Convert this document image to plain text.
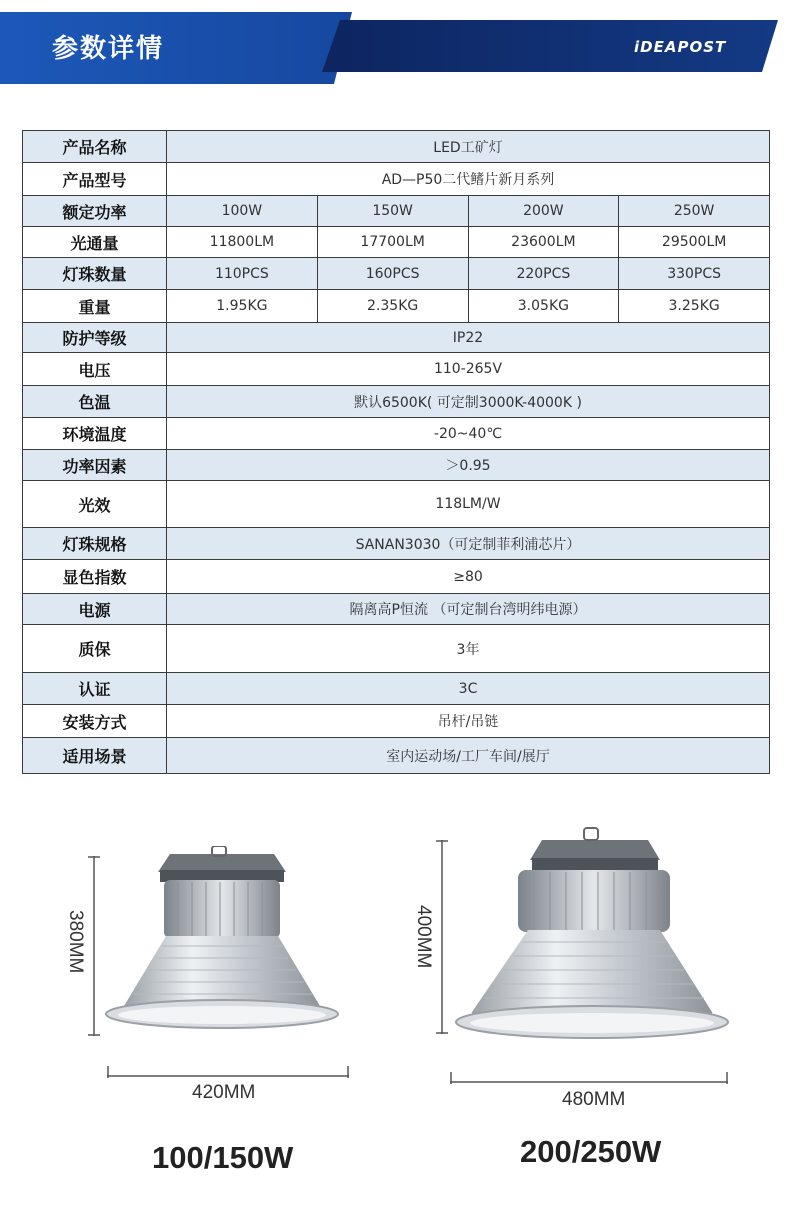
参数详情	iDEAPOST
产品名称	LED工矿灯			
产品型号	AD—P50二代鳍片新月系列			
额定功率	100W	150W	200W	250W
光通量	11800LM	17700LM	23600LM	29500LM
灯珠数量	110PCS	160PCS	220PCS	330PCS
重量	1.95KG	2.35KG	3.05KG	3.25KG
防护等级	IP22			
电压	110-265V			
色温	默认6500K( 可定制3000K-4000K )			
环境温度	-20~40℃			
功率因素	＞0.95			
光效	118LM/W			
灯珠规格	SANAN3030（可定制菲利浦芯片）			
显色指数	≥80			
电源	隔离高P恒流 （可定制台湾明纬电源）			
质保	3年			
认证	3C			
安装方式	吊杆/吊链			
适用场景	室内运动场/工厂车间/展厅			
380MM
420MM
100/150W
400MM
480MM
200/250W
